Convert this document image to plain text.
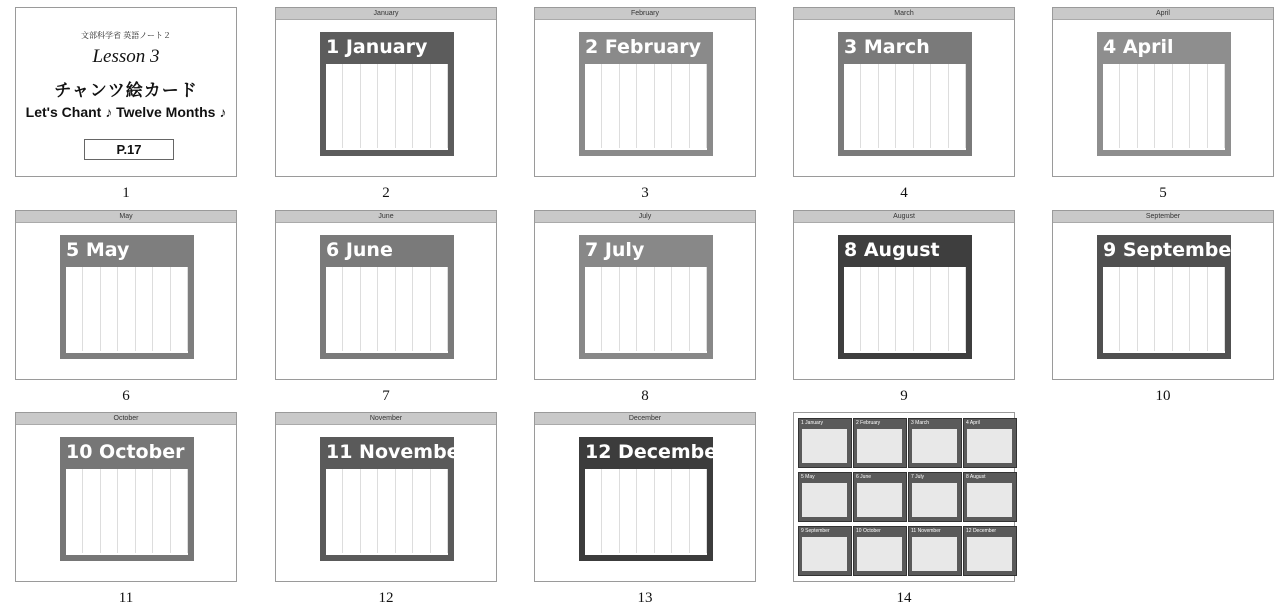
文部科学省 英語ノート２
Lesson 3
チャンツ絵カード
Let's Chant ♪ Twelve Months ♪
P.17
1
January
1 January
2
February
2 February
3
March
3 March
4
April
4 April
5
May
5 May
6
June
6 June
7
July
7 July
8
August
8 August
9
September
9 September
10
October
10 October
11
November
11 November
12
December
12 December
13
1 January	2 February	3 March	4 April
5 May	6 June	7 July	8 August
9 September	10 October	11 November	12 December
14
